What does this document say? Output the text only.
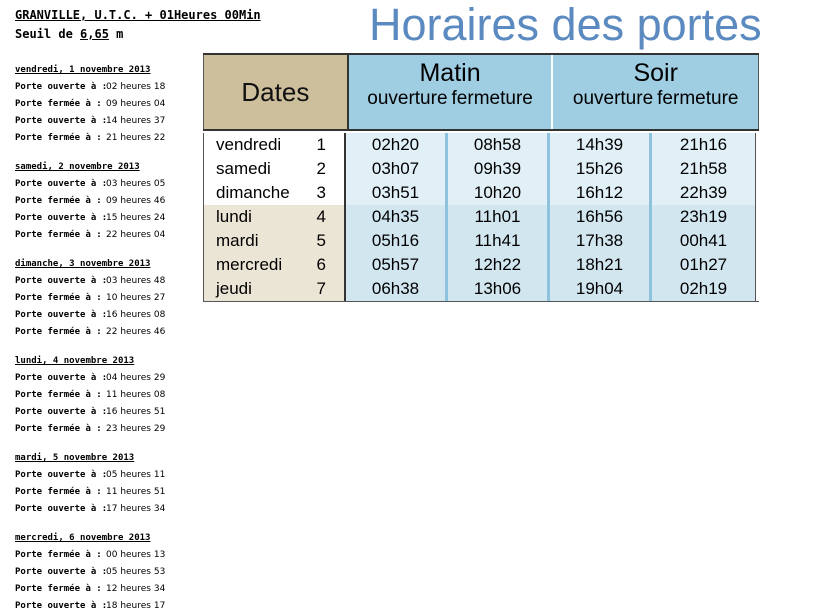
GRANVILLE, U.T.C. + 01Heures 00Min
Seuil de 6,65 m
vendredi, 1 novembre 2013
Porte ouverte à :02 heures 18
Porte fermée à : 09 heures 04
Porte ouverte à :14 heures 37
Porte fermée à : 21 heures 22
samedi, 2 novembre 2013
Porte ouverte à :03 heures 05
Porte fermée à : 09 heures 46
Porte ouverte à :15 heures 24
Porte fermée à : 22 heures 04
dimanche, 3 novembre 2013
Porte ouverte à :03 heures 48
Porte fermée à : 10 heures 27
Porte ouverte à :16 heures 08
Porte fermée à : 22 heures 46
lundi, 4 novembre 2013
Porte ouverte à :04 heures 29
Porte fermée à : 11 heures 08
Porte ouverte à :16 heures 51
Porte fermée à : 23 heures 29
mardi, 5 novembre 2013
Porte ouverte à :05 heures 11
Porte fermée à : 11 heures 51
Porte ouverte à :17 heures 34
mercredi, 6 novembre 2013
Porte fermée à : 00 heures 13
Porte ouverte à :05 heures 53
Porte fermée à : 12 heures 34
Porte ouverte à :18 heures 17
Horaires des portes
Dates
Matin
ouverture fermeture
Soir
ouverture fermeture
vendredi	1	02h20	08h58	14h39	21h16
samedi	2	03h07	09h39	15h26	21h58
dimanche	3	03h51	10h20	16h12	22h39
lundi	4	04h35	11h01	16h56	23h19
mardi	5	05h16	11h41	17h38	00h41
mercredi	6	05h57	12h22	18h21	01h27
jeudi	7	06h38	13h06	19h04	02h19
